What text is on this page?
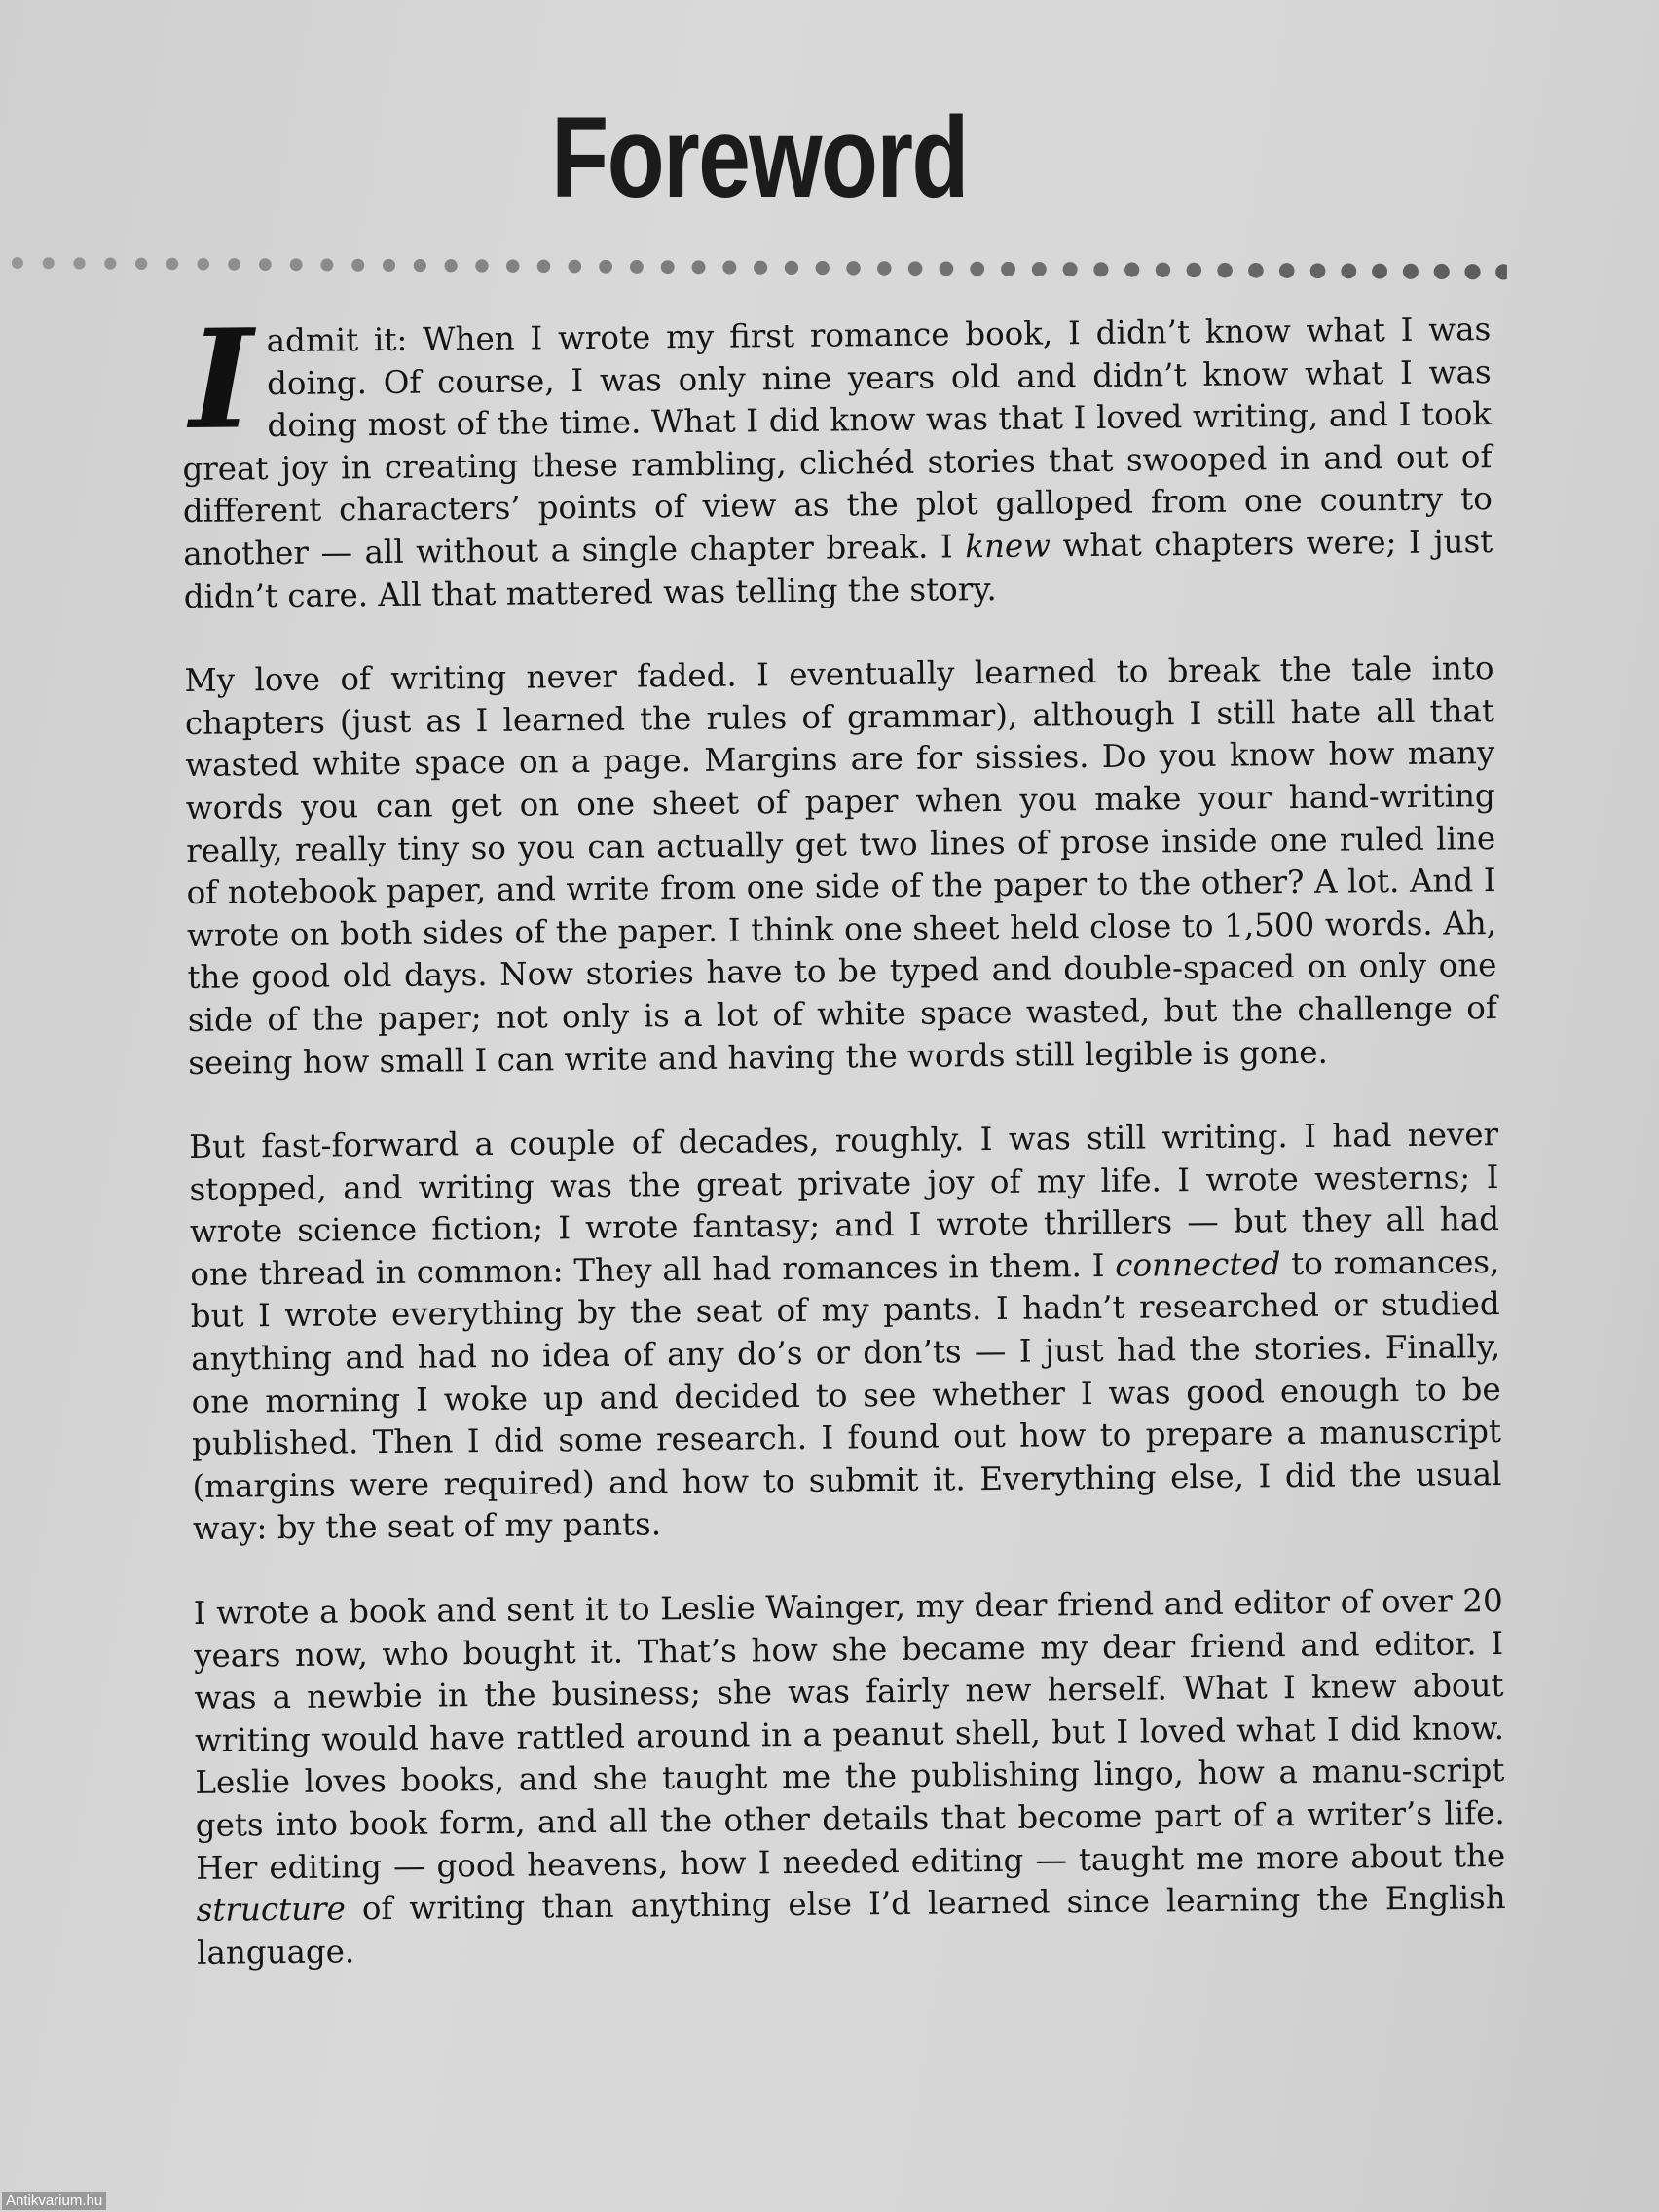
Foreword

I admit it: When I wrote my first romance book, I didn’t know what I was doing. Of course, I was only nine years old and didn’t know what I was doing most of the time. What I did know was that I loved writing, and I took great joy in creating these rambling, clichéd stories that swooped in and out of different characters’ points of view as the plot galloped from one country to another — all without a single chapter break. I knew what chapters were; I just didn’t care. All that mattered was telling the story.

My love of writing never faded. I eventually learned to break the tale into chapters (just as I learned the rules of grammar), although I still hate all that wasted white space on a page. Margins are for sissies. Do you know how many words you can get on one sheet of paper when you make your hand-writing really, really tiny so you can actually get two lines of prose inside one ruled line of notebook paper, and write from one side of the paper to the other? A lot. And I wrote on both sides of the paper. I think one sheet held close to 1,500 words. Ah, the good old days. Now stories have to be typed and double-spaced on only one side of the paper; not only is a lot of white space wasted, but the challenge of seeing how small I can write and having the words still legible is gone.

But fast-forward a couple of decades, roughly. I was still writing. I had never stopped, and writing was the great private joy of my life. I wrote westerns; I wrote science fiction; I wrote fantasy; and I wrote thrillers — but they all had one thread in common: They all had romances in them. I connected to romances, but I wrote everything by the seat of my pants. I hadn’t researched or studied anything and had no idea of any do’s or don’ts — I just had the stories. Finally, one morning I woke up and decided to see whether I was good enough to be published. Then I did some research. I found out how to prepare a manuscript (margins were required) and how to submit it. Everything else, I did the usual way: by the seat of my pants.

I wrote a book and sent it to Leslie Wainger, my dear friend and editor of over 20 years now, who bought it. That’s how she became my dear friend and editor. I was a newbie in the business; she was fairly new herself. What I knew about writing would have rattled around in a peanut shell, but I loved what I did know. Leslie loves books, and she taught me the publishing lingo, how a manu-script gets into book form, and all the other details that become part of a writer’s life. Her editing — good heavens, how I needed editing — taught me more about the structure of writing than anything else I’d learned since learning the English language.

Antikvarium.hu
